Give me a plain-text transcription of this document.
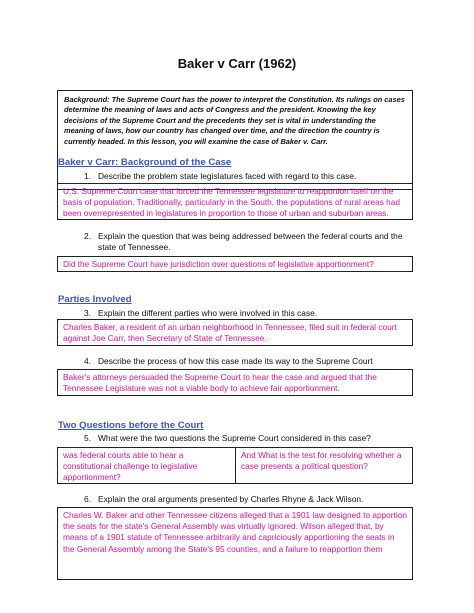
Baker v Carr (1962)
Background: The Supreme Court has the power to interpret the Constitution. Its rulings on cases determine the meaning of laws and acts of Congress and the president. Knowing the key decisions of the Supreme Court and the precedents they set is vital in understanding the meaning of laws, how our country has changed over time, and the direction the country is currently headed. In this lesson, you will examine the case of Baker v. Carr.
Baker v Carr: Background of the Case
1. Describe the problem state legislatures faced with regard to this case.
U.S. Supreme Court case that forced the Tennessee legislature to reapportion itself on the basis of population. Traditionally, particularly in the South, the populations of rural areas had been overrepresented in legislatures in proportion to those of urban and suburban areas.
2. Explain the question that was being addressed between the federal courts and the state of Tennessee.
Did the Supreme Court have jurisdiction over questions of legislative apportionment?
Parties Involved
3. Explain the different parties who were involved in this case.
Charles Baker, a resident of an urban neighborhood in Tennessee, filed suit in federal court against Joe Carr, then Secretary of State of Tennessee.
4. Describe the process of how this case made its way to the Supreme Court
Baker's attorneys persuaded the Supreme Court to hear the case and argued that the Tennessee Legislature was not a viable body to achieve fair apportionment.
Two Questions before the Court
5. What were the two questions the Supreme Court considered in this case?
was federal courts able to hear a constitutional challenge to legislative apportionment?
And What is the test for resolving whether a case presents a political question?
6. Explain the oral arguments presented by Charles Rhyne & Jack Wilson.
Charles W. Baker and other Tennessee citizens alleged that a 1901 law designed to apportion the seats for the state's General Assembly was virtually ignored. Wilson alleged that, by means of a 1901 statute of Tennessee arbitrarily and capriciously apportioning the seats in the General Assembly among the State's 95 counties, and a failure to reapportion them
